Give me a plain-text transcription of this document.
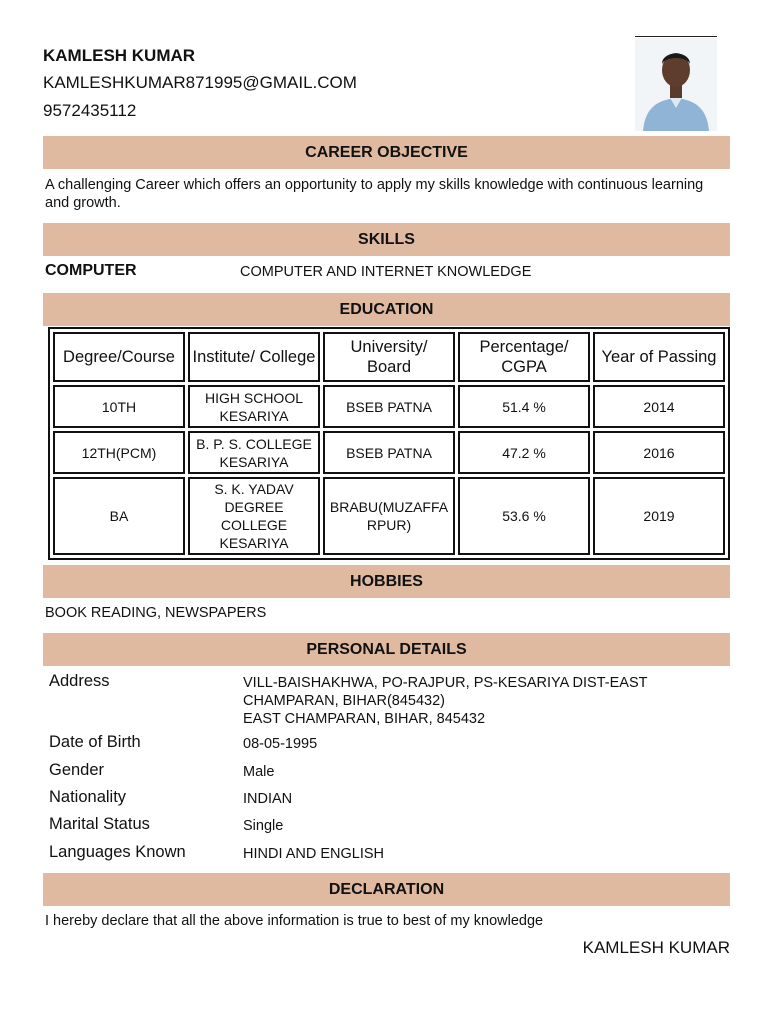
KAMLESH KUMAR
KAMLESHKUMAR871995@GMAIL.COM
9572435112
CAREER OBJECTIVE
A challenging Career which offers an opportunity to apply my skills knowledge with continuous learning and growth.
SKILLS
COMPUTER	COMPUTER AND INTERNET KNOWLEDGE
EDUCATION
Degree/Course	Institute/ College	University/ Board	Percentage/ CGPA	Year of Passing
10TH	HIGH SCHOOL KESARIYA	BSEB PATNA	51.4 %	2014
12TH(PCM)	B. P. S. COLLEGE KESARIYA	BSEB PATNA	47.2 %	2016
BA	S. K. YADAV DEGREE COLLEGE KESARIYA	BRABU(MUZAFFARPUR)	53.6 %	2019
HOBBIES
BOOK READING, NEWSPAPERS
PERSONAL DETAILS
Address	VILL-BAISHAKHWA, PO-RAJPUR, PS-KESARIYA DIST-EAST CHAMPARAN, BIHAR(845432)
EAST CHAMPARAN, BIHAR, 845432
Date of Birth	08-05-1995
Gender	Male
Nationality	INDIAN
Marital Status	Single
Languages Known	HINDI AND ENGLISH
DECLARATION
I hereby declare that all the above information is true to best of my knowledge
KAMLESH KUMAR
